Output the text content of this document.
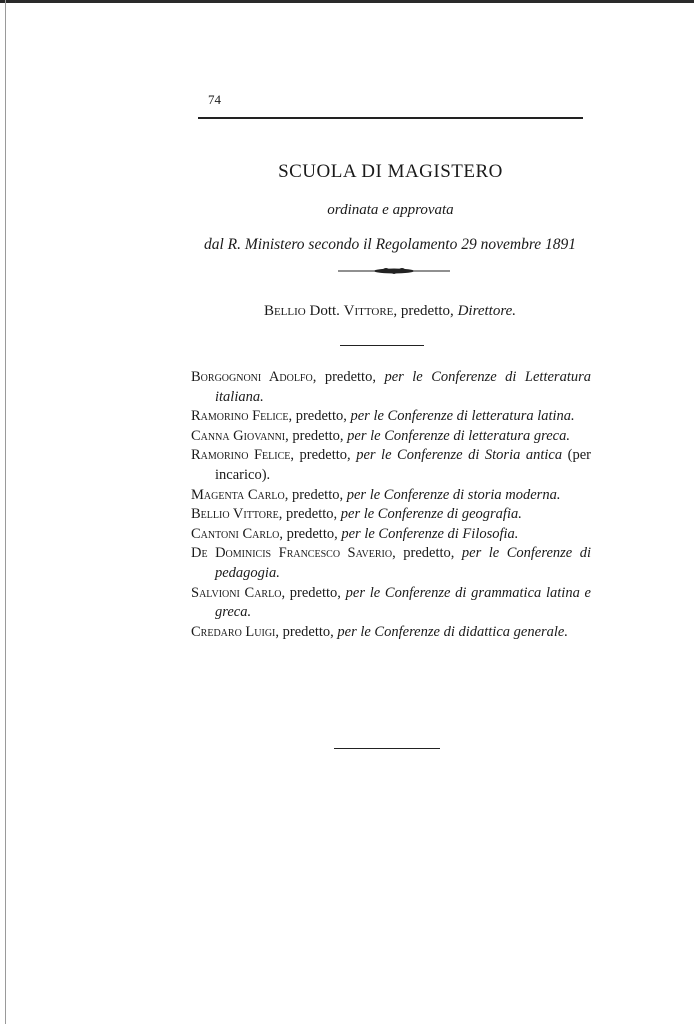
74
SCUOLA DI MAGISTERO
ordinata e approvata
dal R. Ministero secondo il Regolamento 29 novembre 1891
Bellio Dott. Vittore, predetto, Direttore.

Borgognoni Adolfo, predetto, per le Conferenze di Letteratura italiana.

Ramorino Felice, predetto, per le Conferenze di letteratura latina.

Canna Giovanni, predetto, per le Conferenze di letteratura greca.

Ramorino Felice, predetto, per le Conferenze di Storia antica (per incarico).

Magenta Carlo, predetto, per le Conferenze di storia moderna.

Bellio Vittore, predetto, per le Conferenze di geografia.

Cantoni Carlo, predetto, per le Conferenze di Filosofia.

De Dominicis Francesco Saverio, predetto, per le Conferenze di pedagogia.

Salvioni Carlo, predetto, per le Conferenze di grammatica latina e greca.

Credaro Luigi, predetto, per le Conferenze di didattica generale.
